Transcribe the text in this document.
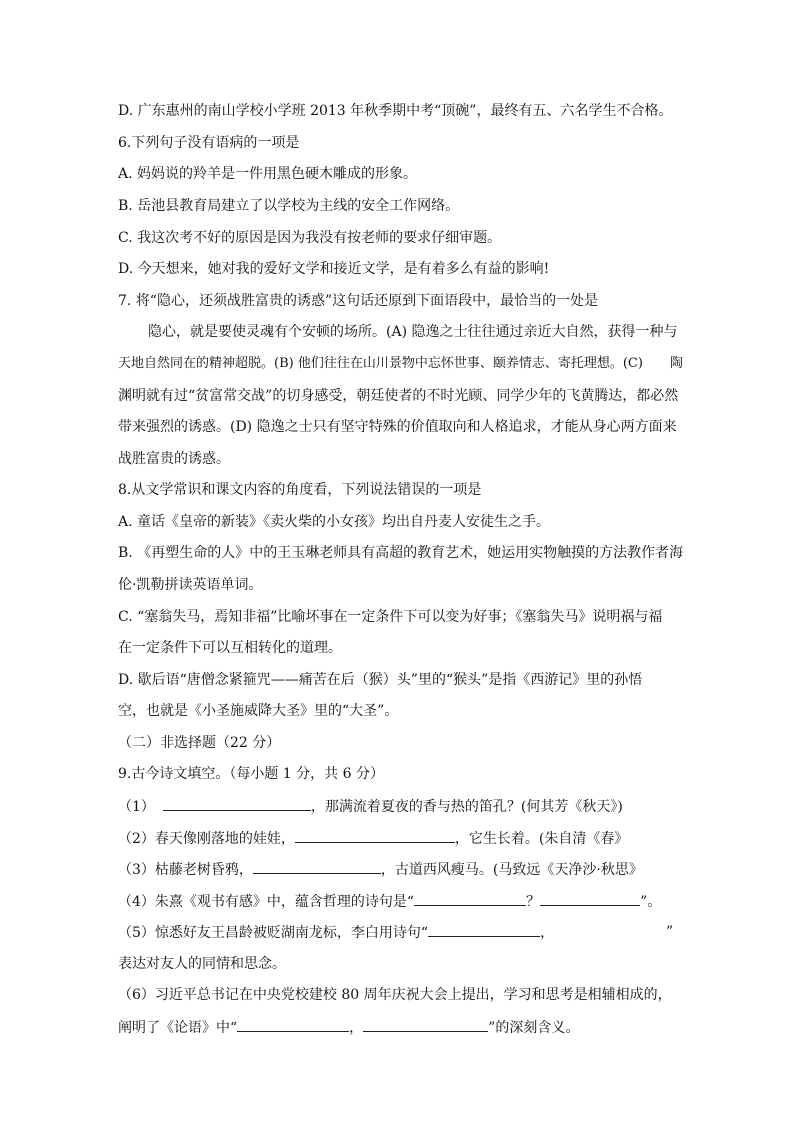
D. 广东惠州的南山学校小学班 2013 年秋季期中考“顶碗”，最终有五、六名学生不合格。
6.下列句子没有语病的一项是
A. 妈妈说的羚羊是一件用黑色硬木雕成的形象。
B. 岳池县教育局建立了以学校为主线的安全工作网络。
C. 我这次考不好的原因是因为我没有按老师的要求仔细审题。
D. 今天想来，她对我的爱好文学和接近文学，是有着多么有益的影响!
7. 将“隐心，还须战胜富贵的诱惑”这句话还原到下面语段中，最恰当的一处是
隐心，就是要使灵魂有个安顿的场所。(A) 隐逸之士往往通过亲近大自然，获得一种与
天地自然同在的精神超脱。(B) 他们往往在山川景物中忘怀世事、颐养情志、寄托理想。(C) 陶
渊明就有过“贫富常交战”的切身感受，朝廷使者的不时光顾、同学少年的飞黄腾达，都必然
带来强烈的诱惑。(D) 隐逸之士只有坚守特殊的价值取向和人格追求，才能从身心两方面来
战胜富贵的诱惑。
8.从文学常识和课文内容的角度看，下列说法错误的一项是
A. 童话《皇帝的新装》《卖火柴的小女孩》均出自丹麦人安徒生之手。
B. 《再塑生命的人》中的王玉琳老师具有高超的教育艺术，她运用实物触摸的方法教作者海
伦·凯勒拼读英语单词。
C. “塞翁失马，焉知非福”比喻坏事在一定条件下可以变为好事；《塞翁失马》说明祸与福
在一定条件下可以互相转化的道理。
D. 歇后语“唐僧念紧箍咒——痛苦在后（猴）头”里的“猴头”是指《西游记》里的孙悟
空，也就是《小圣施威降大圣》里的“大圣”。
（二）非选择题（22 分）
9.古今诗文填空。（每小题 1 分，共 6 分）
（1）	，那满流着夏夜的香与热的笛孔？(何其芳《秋天》)
（2）春天像刚落地的娃娃，	，它生长着。(朱自清《春》
（3）枯藤老树昏鸦，	，古道西风瘦马。(马致远《天净沙·秋思》
（4）朱熹《观书有感》中，蕴含哲理的诗句是“	？	”。
（5）惊悉好友王昌龄被贬湖南龙标，李白用诗句“	，	”
表达对友人的同情和思念。
（6）习近平总书记在中央党校建校 80 周年庆祝大会上提出，学习和思考是相辅相成的，
阐明了《论语》中“	，	”的深刻含义。
